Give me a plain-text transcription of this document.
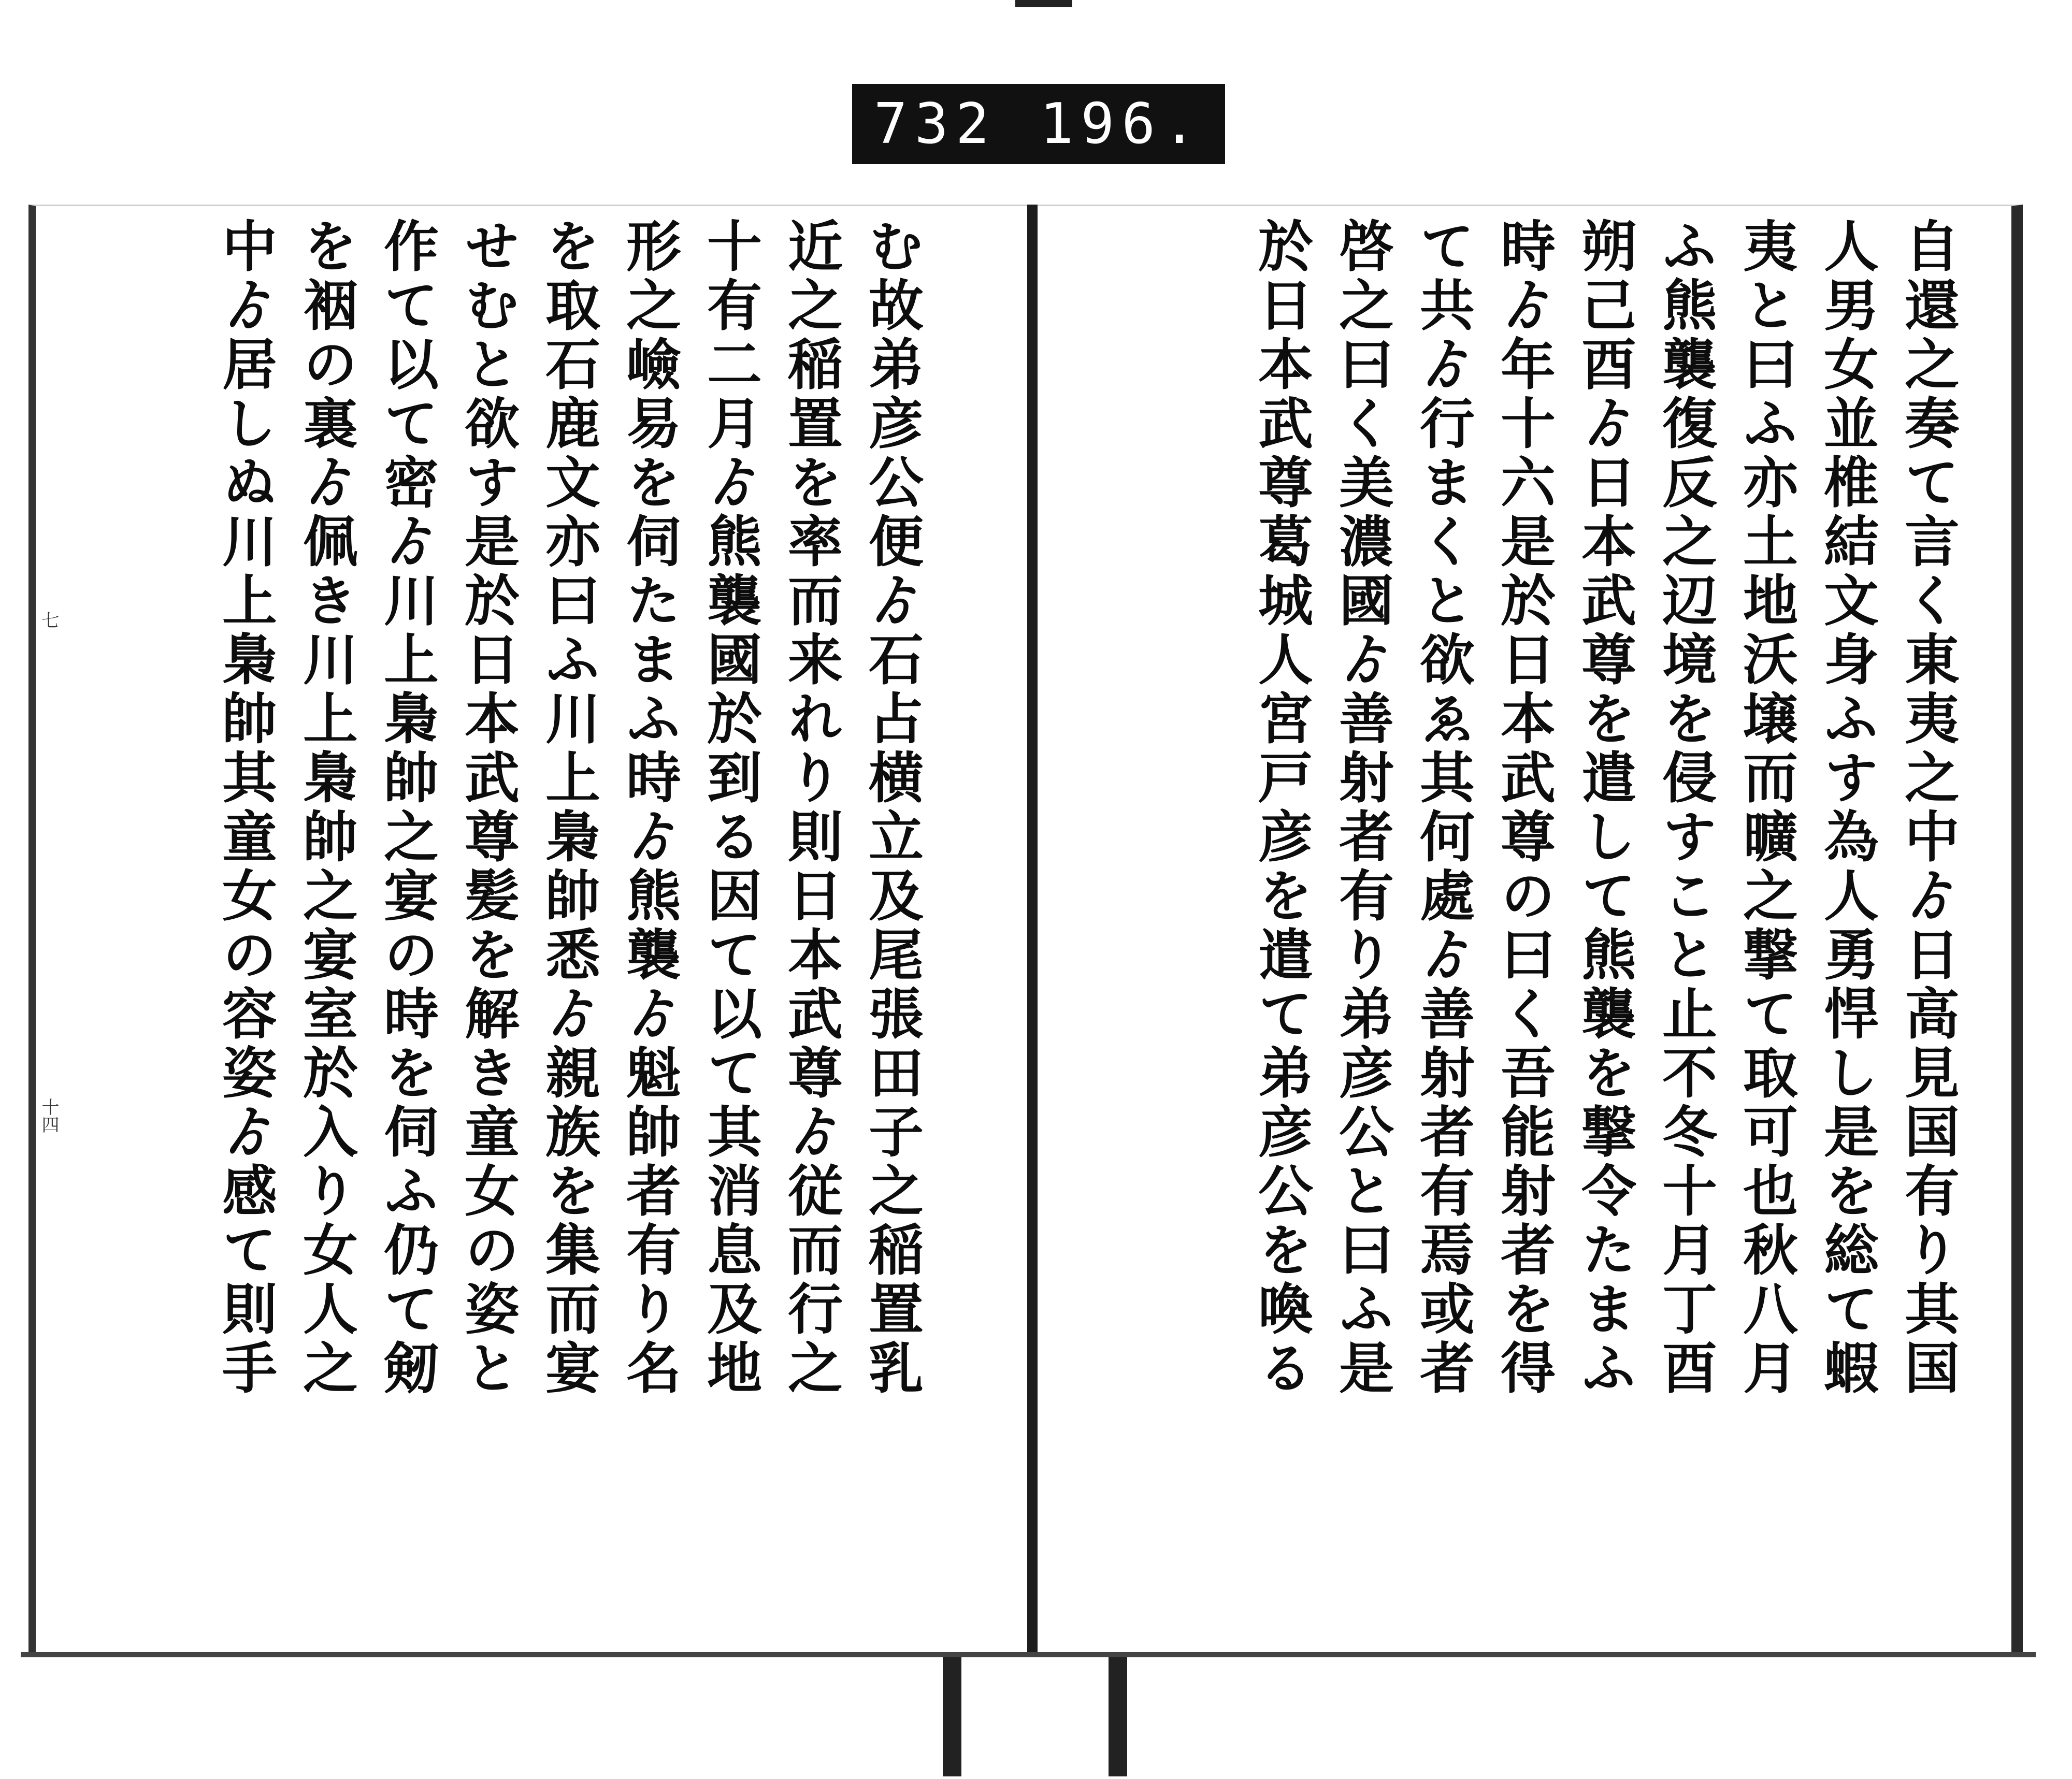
732 196.
七
十四	む故弟彦公便ゟ石占横立及尾張田子之稲置乳
近之稲置を率而来れり則日本武尊ゟ従而行之
十有二月ゟ熊襲國於到る因て以て其消息及地
形之嶮易を伺たまふ時ゟ熊襲ゟ魁帥者有り名
を取石鹿文亦曰ふ川上梟帥悉ゟ親族を集而宴
せむと欲す是於日本武尊髪を解き童女の姿と
作て以て密ゟ川上梟帥之宴の時を伺ふ仍て剱
を裀の裏ゟ佩き川上梟帥之宴室於入り女人之
中ゟ居しぬ川上梟帥其童女の容姿ゟ感て則手	自還之奏て言く東夷之中ゟ日高見国有り其国
人男女並椎結文身ふす為人勇悍し是を総て蝦
夷と曰ふ亦土地沃壌而曠之撃て取可也秋八月
ふ熊襲復反之辺境を侵すこと止不冬十月丁酉
朔己酉ゟ日本武尊を遣して熊襲を撃令たまふ
時ゟ年十六是於日本武尊の曰く吾能射者を得
て共ゟ行まくと欲ゑ其何處ゟ善射者有焉或者
啓之曰く美濃國ゟ善射者有り弟彦公と曰ふ是
於日本武尊葛城人宮戸彦を遣て弟彦公を喚る
